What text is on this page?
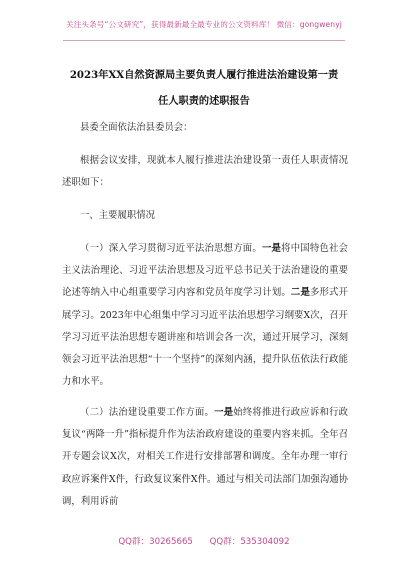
关注头条号“公文研究”，获得最新最全最专业的公文资料库！ 微信：gongwenyj
2023年XX自然资源局主要负责人履行推进法治建设第一责
任人职责的述职报告
县委全面依法治县委员会：
根据会议安排，现就本人履行推进法治建设第一责任人职责情况述职如下：
一、主要履职情况
（一）深入学习贯彻习近平法治思想方面。一是将中国特色社会主义法治理论、习近平法治思想及习近平总书记关于法治建设的重要论述等纳入中心组重要学习内容和党员年度学习计划。二是多形式开展学习。2023年中心组集中学习习近平法治思想学习纲要X次，召开学习习近平法治思想专题讲座和培训会各一次，通过开展学习，深刻领会习近平法治思想“十一个坚持”的深刻内涵，提升队伍依法行政能力和水平。
（二）法治建设重要工作方面。一是始终将推进行政应诉和行政复议“两降一升”指标提升作为法治政府建设的重要内容来抓。全年召开专题会议X次，对相关工作进行安排部署和调度。全年办理一审行政应诉案件X件，行政复议案件X件。通过与相关司法部门加强沟通协调，利用诉前
QQ群：30265665 QQ群：535304092
